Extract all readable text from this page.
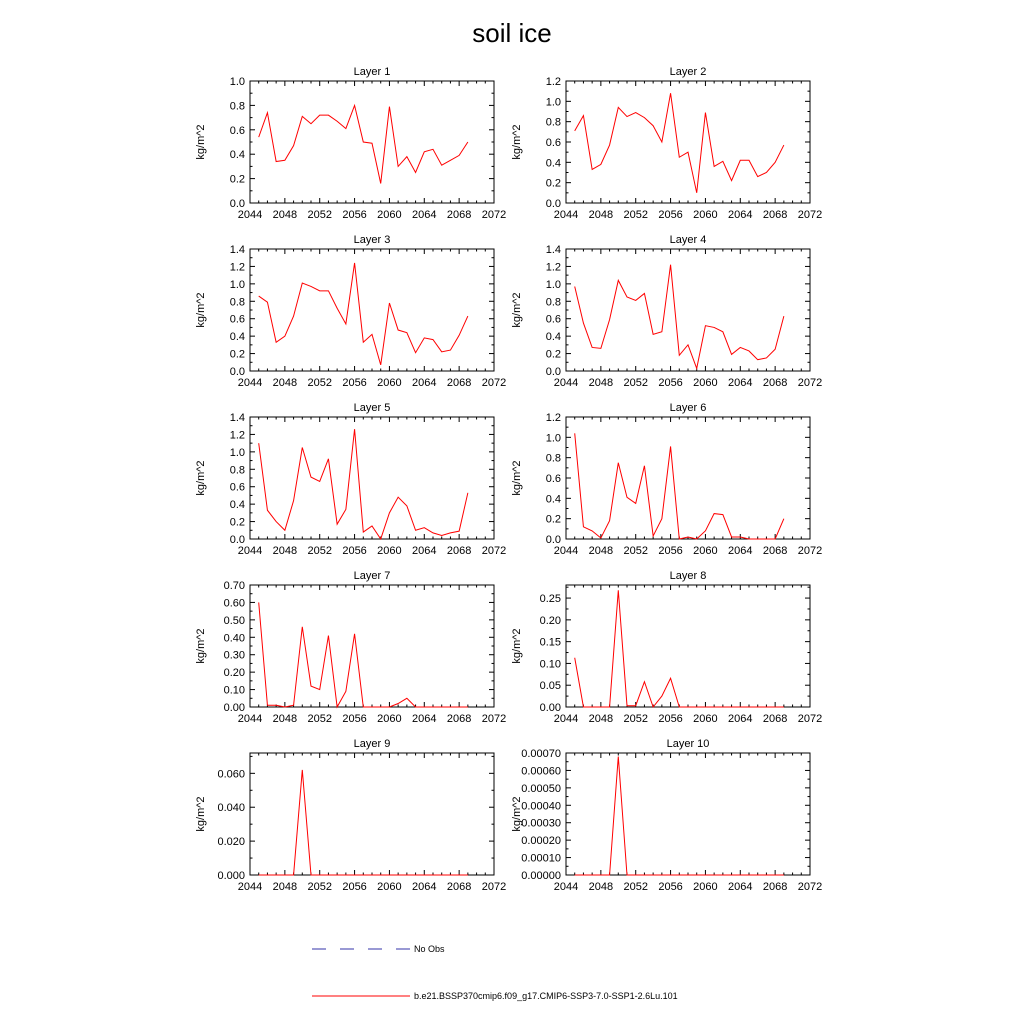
soil ice
Layer 1
kg/m^2
2044 2048 2052 2056 2060 2064 2068 2072
0.0
0.2
0.4
0.6
0.8
1.0
Layer 2
kg/m^2
2044 2048 2052 2056 2060 2064 2068 2072
0.0
0.2
0.4
0.6
0.8
1.0
1.2
Layer 3
kg/m^2
2044 2048 2052 2056 2060 2064 2068 2072
0.0
0.2
0.4
0.6
0.8
1.0
1.2
1.4
Layer 4
kg/m^2
2044 2048 2052 2056 2060 2064 2068 2072
0.0
0.2
0.4
0.6
0.8
1.0
1.2
1.4
Layer 5
kg/m^2
2044 2048 2052 2056 2060 2064 2068 2072
0.0
0.2
0.4
0.6
0.8
1.0
1.2
1.4
Layer 6
kg/m^2
2044 2048 2052 2056 2060 2064 2068 2072
0.0
0.2
0.4
0.6
0.8
1.0
1.2
Layer 7
kg/m^2
2044 2048 2052 2056 2060 2064 2068 2072
0.00
0.10
0.20
0.30
0.40
0.50
0.60
0.70
Layer 8
kg/m^2
2044 2048 2052 2056 2060 2064 2068 2072
0.00
0.05
0.10
0.15
0.20
0.25
Layer 9
kg/m^2
2044 2048 2052 2056 2060 2064 2068 2072
0.000
0.020
0.040
0.060
Layer 10
kg/m^2
2044 2048 2052 2056 2060 2064 2068 2072
0.00000
0.00010
0.00020
0.00030
0.00040
0.00050
0.00060
0.00070
No Obs
b.e21.BSSP370cmip6.f09_g17.CMIP6-SSP3-7.0-SSP1-2.6Lu.101
